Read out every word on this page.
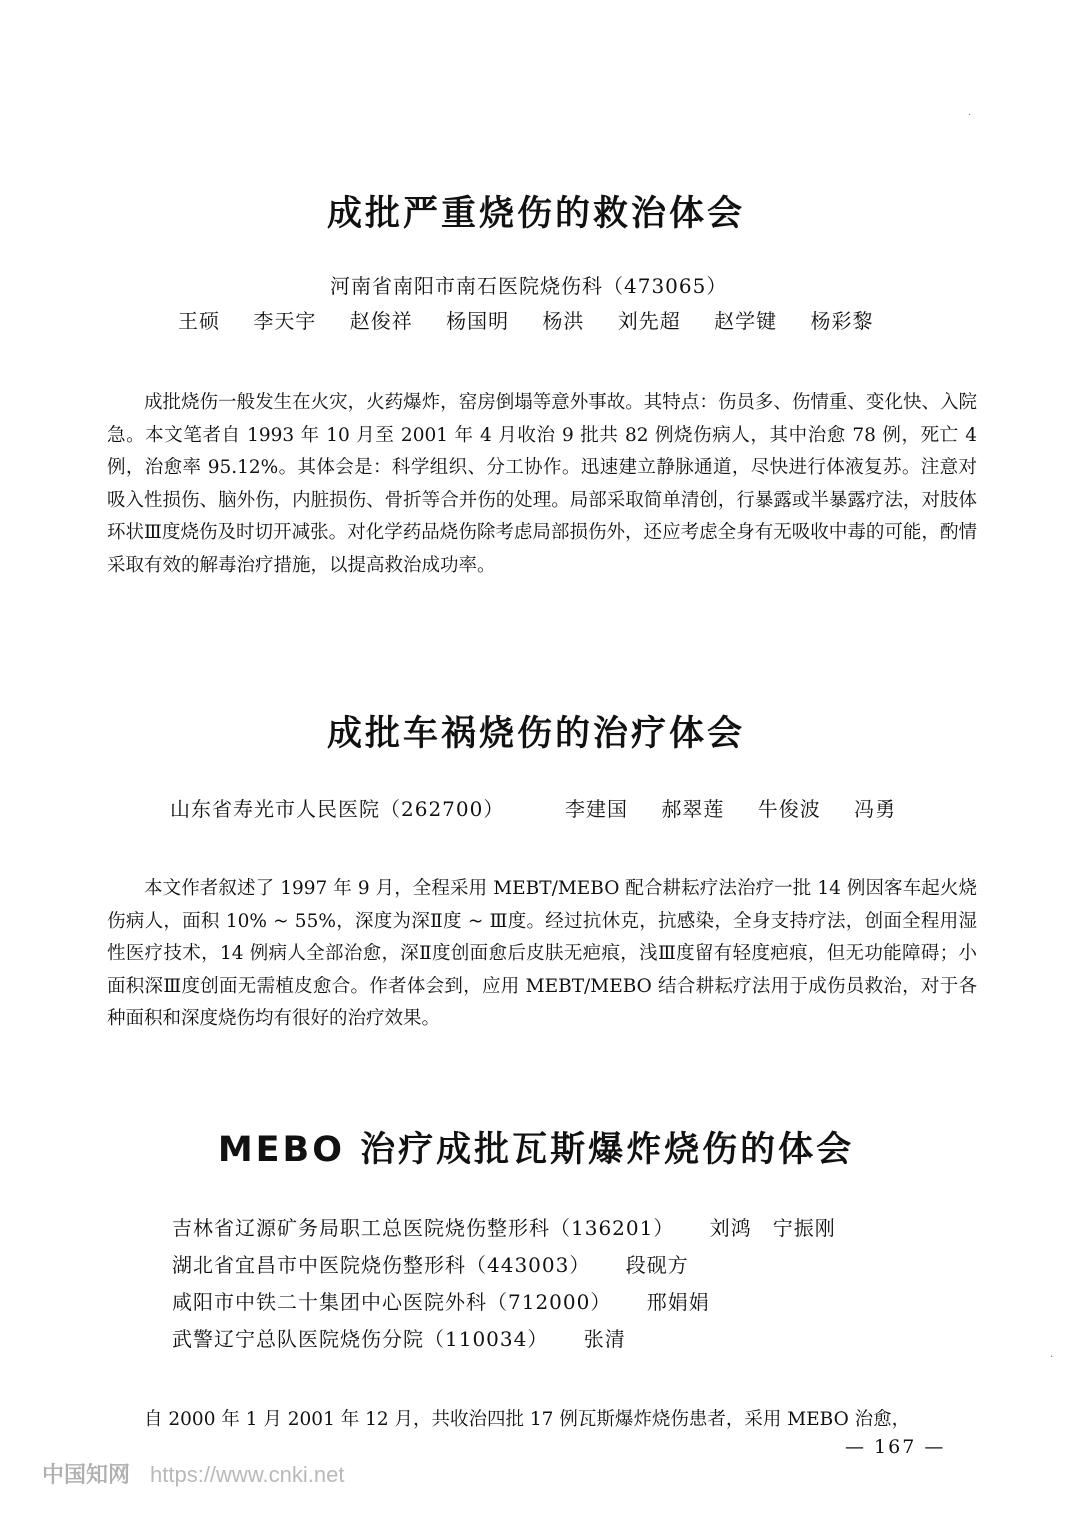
·
·
成批严重烧伤的救治体会
河南省南阳市南石医院烧伤科（473065）
王硕 李天宇 赵俊祥 杨国明 杨洪 刘先超 赵学键 杨彩黎

成批烧伤一般发生在火灾，火药爆炸，窑房倒塌等意外事故。其特点：伤员多、伤情重、变化快、入院急。本文笔者自 1993 年 10 月至 2001 年 4 月收治 9 批共 82 例烧伤病人，其中治愈 78 例，死亡 4 例，治愈率 95.12%。其体会是：科学组织、分工协作。迅速建立静脉通道，尽快进行体液复苏。注意对吸入性损伤、脑外伤，内脏损伤、骨折等合并伤的处理。局部采取简单清创，行暴露或半暴露疗法，对肢体环状Ⅲ度烧伤及时切开减张。对化学药品烧伤除考虑局部损伤外，还应考虑全身有无吸收中毒的可能，酌情采取有效的解毒治疗措施，以提高救治成功率。

成批车祸烧伤的治疗体会
山东省寿光市人民医院（262700）	李建国 郝翠莲 牛俊波 冯勇

本文作者叙述了 1997 年 9 月，全程采用 MEBT/MEBO 配合耕耘疗法治疗一批 14 例因客车起火烧伤病人，面积 10% ~ 55%，深度为深Ⅱ度 ~ Ⅲ度。经过抗休克，抗感染，全身支持疗法，创面全程用湿性医疗技术，14 例病人全部治愈，深Ⅱ度创面愈后皮肤无疤痕，浅Ⅲ度留有轻度疤痕，但无功能障碍；小面积深Ⅲ度创面无需植皮愈合。作者体会到，应用 MEBT/MEBO 结合耕耘疗法用于成伤员救治，对于各种面积和深度烧伤均有很好的治疗效果。

MEBO 治疗成批瓦斯爆炸烧伤的体会
吉林省辽源矿务局职工总医院烧伤整形科（136201） 刘鸿　宁振刚
湖北省宜昌市中医院烧伤整形科（443003） 段砚方
咸阳市中铁二十集团中心医院外科（712000） 邢娟娟
武警辽宁总队医院烧伤分院（110034） 张清

自 2000 年 1 月 2001 年 12 月，共收治四批 17 例瓦斯爆炸烧伤患者，采用 MEBO 治愈，

— 167 —
中国知网 https://www.cnki.net
